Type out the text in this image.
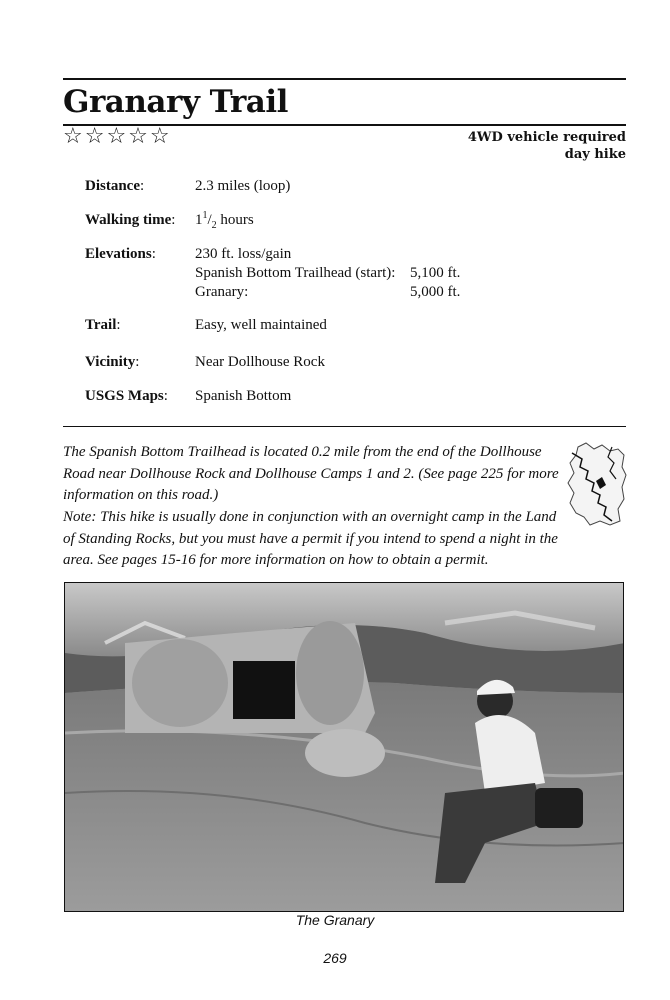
Granary Trail
☆☆☆☆☆	4WD vehicle required
day hike
Distance:	2.3 miles (loop)
Walking time: $1^1/_2$ hours
Elevations:	230 ft. loss/gain
Spanish Bottom Trailhead (start): 5,100 ft.
Granary:	5,000 ft.
Trail:	Easy, well maintained
Vicinity:	Near Dollhouse Rock
USGS Maps: Spanish Bottom

The Spanish Bottom Trailhead is located 0.2 mile from the end of the Dollhouse Road near Dollhouse Rock and Dollhouse Camps 1 and 2. (See page 225 for more information on this road.)

Note: This hike is usually done in conjunction with an overnight camp in the Land of Standing Rocks, but you must have a permit if you intend to spend a night in the area. See pages 15-16 for more information on how to obtain a permit.

The Granary
269
